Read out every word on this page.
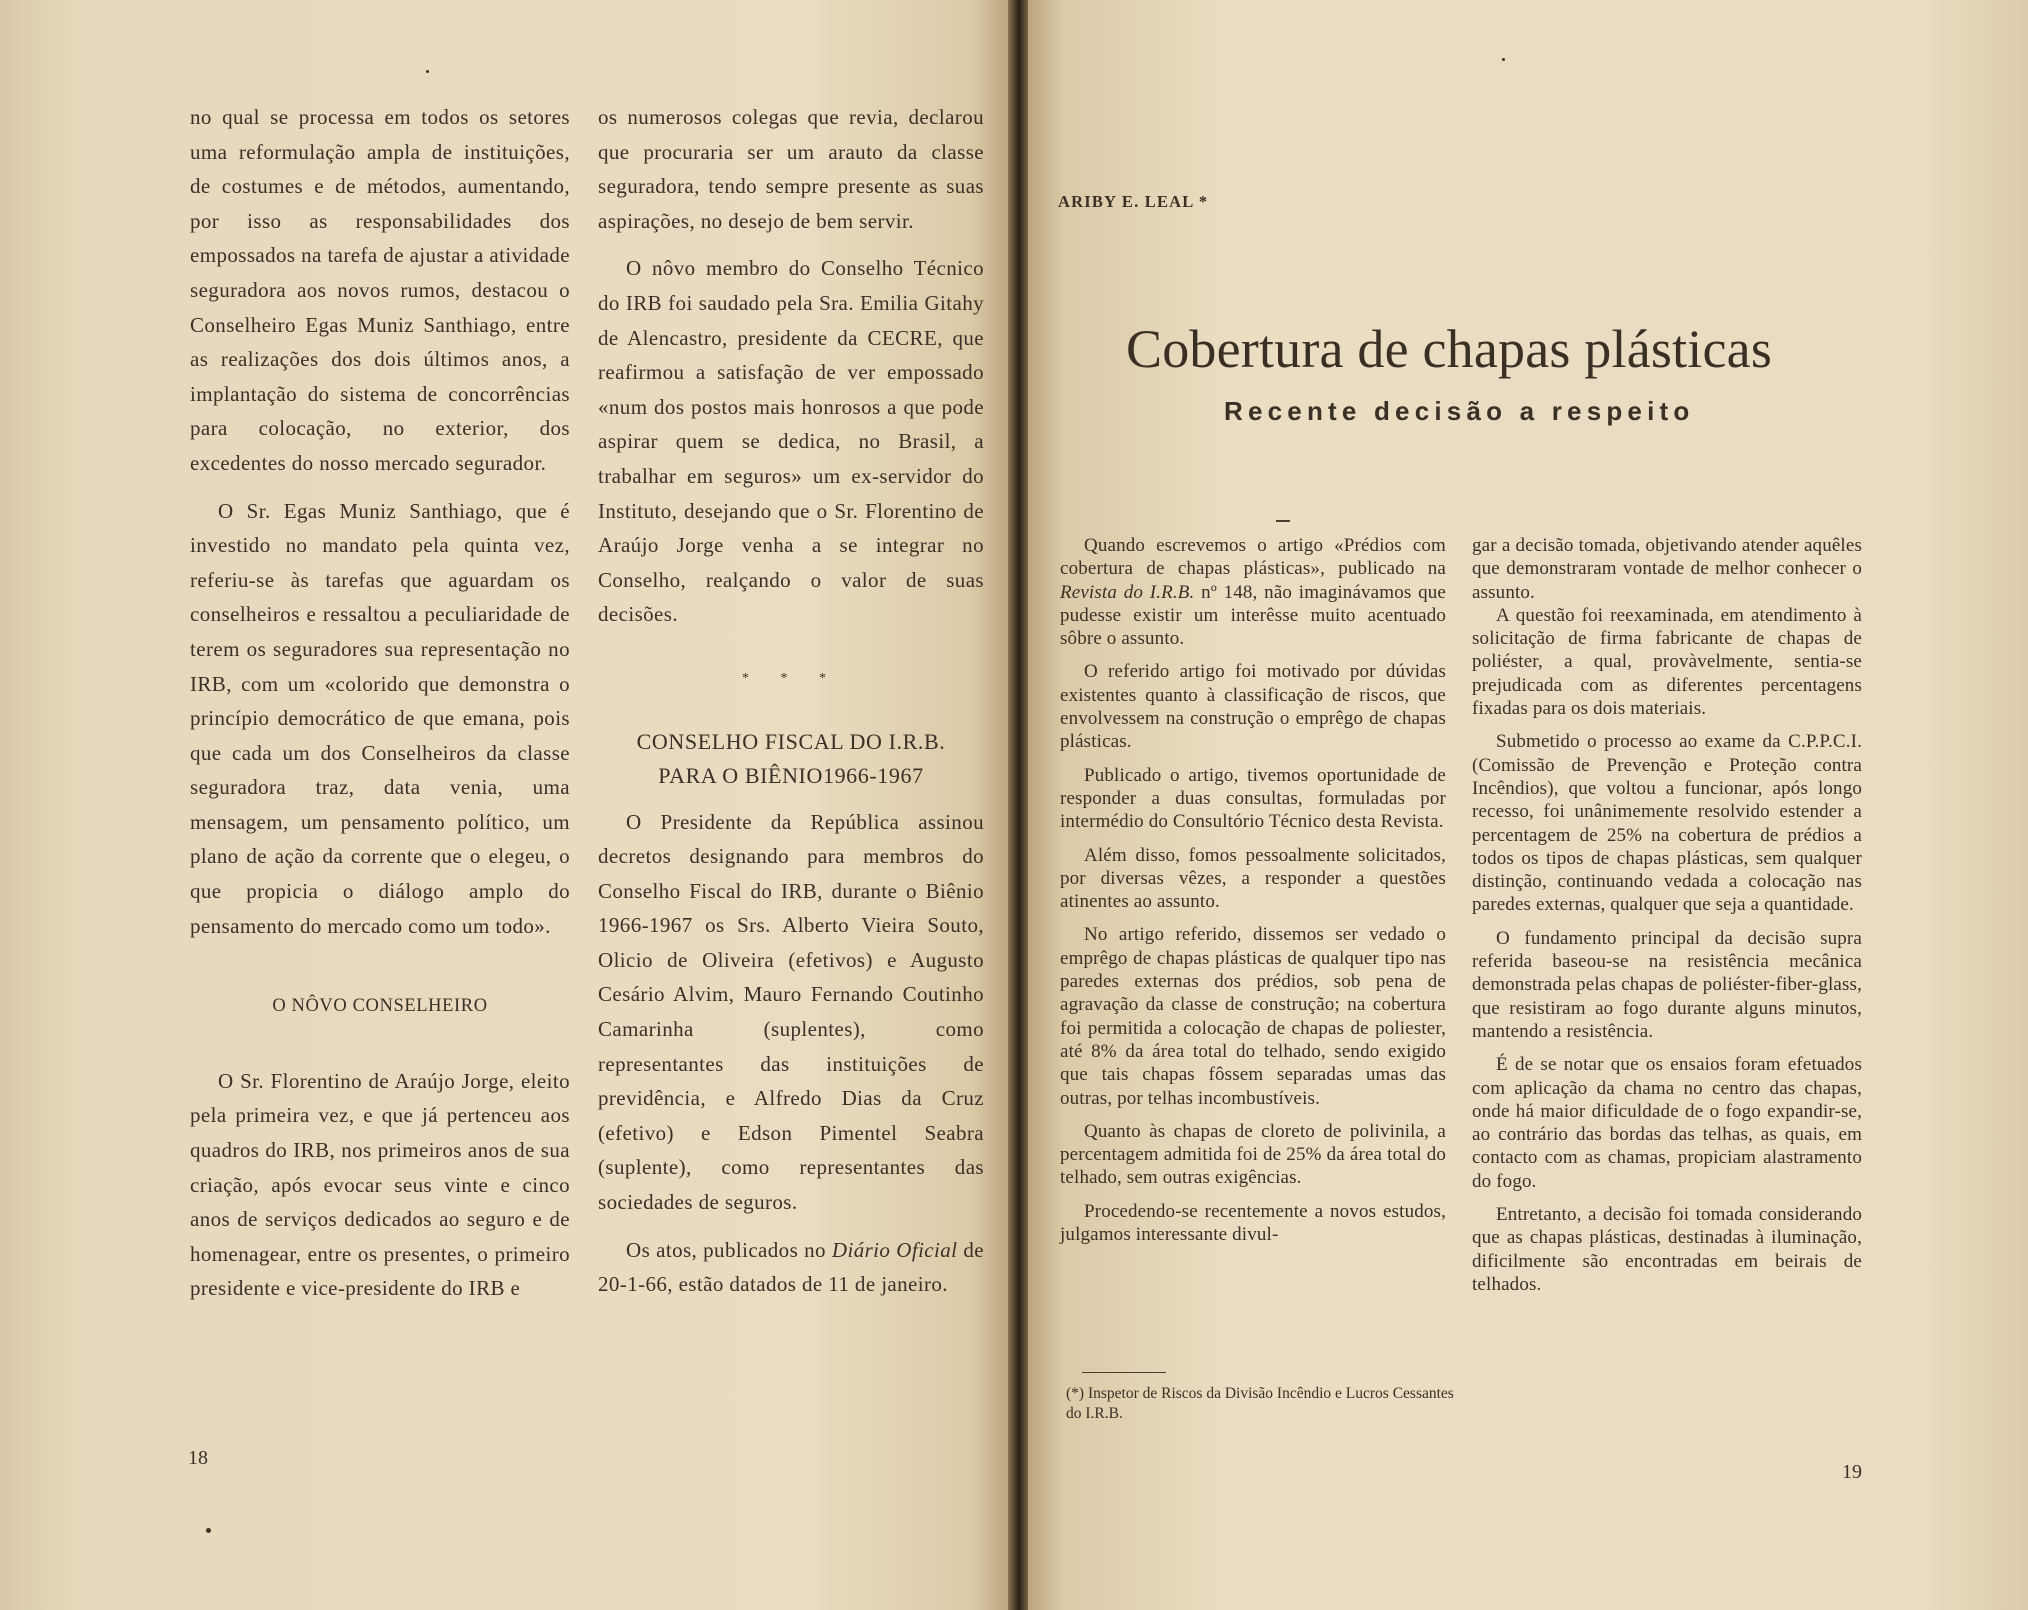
no qual se processa em todos os setores uma reformulação ampla de instituições, de costumes e de métodos, aumentando, por isso as responsabilidades dos empossados na tarefa de ajustar a atividade seguradora aos novos rumos, destacou o Conselheiro Egas Muniz Santhiago, entre as realizações dos dois últimos anos, a implantação do sistema de concorrências para colocação, no exterior, dos excedentes do nosso mercado segurador.

O Sr. Egas Muniz Santhiago, que é investido no mandato pela quinta vez, referiu-se às tarefas que aguardam os conselheiros e ressaltou a peculiaridade de terem os seguradores sua representação no IRB, com um «colorido que demonstra o princípio democrático de que emana, pois que cada um dos Conselheiros da classe seguradora traz, data venia, uma mensagem, um pensamento político, um plano de ação da corrente que o elegeu, o que propicia o diálogo amplo do pensamento do mercado como um todo».

O NÔVO CONSELHEIRO

O Sr. Florentino de Araújo Jorge, eleito pela primeira vez, e que já pertenceu aos quadros do IRB, nos primeiros anos de sua criação, após evocar seus vinte e cinco anos de serviços dedicados ao seguro e de homenagear, entre os presentes, o primeiro presidente e vice-presidente do IRB e

os numerosos colegas que revia, declarou que procuraria ser um arauto da classe seguradora, tendo sempre presente as suas aspirações, no desejo de bem servir.

O nôvo membro do Conselho Técnico do IRB foi saudado pela Sra. Emilia Gitahy de Alencastro, presidente da CECRE, que reafirmou a satisfação de ver empossado «num dos postos mais honrosos a que pode aspirar quem se dedica, no Brasil, a trabalhar em seguros» um ex-servidor do Instituto, desejando que o Sr. Florentino de Araújo Jorge venha a se integrar no Conselho, realçando o valor de suas decisões.

* * *

CONSELHO FISCAL DO I.R.B.
PARA O BIÊNIO1966-1967

O Presidente da República assinou decretos designando para membros do Conselho Fiscal do IRB, durante o Biênio 1966-1967 os Srs. Alberto Vieira Souto, Olicio de Oliveira (efetivos) e Augusto Cesário Alvim, Mauro Fernando Coutinho Camarinha (suplentes), como representantes das instituições de previdência, e Alfredo Dias da Cruz (efetivo) e Edson Pimentel Seabra (suplente), como representantes das sociedades de seguros.

Os atos, publicados no Diário Oficial de 20-1-66, estão datados de 11 de janeiro.

18
ARIBY E. LEAL *
Cobertura de chapas plásticas
Recente decisão a respeito

Quando escrevemos o artigo «Prédios com cobertura de chapas plásticas», publicado na Revista do I.R.B. nº 148, não imaginávamos que pudesse existir um interêsse muito acentuado sôbre o assunto.

O referido artigo foi motivado por dúvidas existentes quanto à classificação de riscos, que envolvessem na construção o emprêgo de chapas plásticas.

Publicado o artigo, tivemos oportunidade de responder a duas consultas, formuladas por intermédio do Consultório Técnico desta Revista.

Além disso, fomos pessoalmente solicitados, por diversas vêzes, a responder a questões atinentes ao assunto.

No artigo referido, dissemos ser vedado o emprêgo de chapas plásticas de qualquer tipo nas paredes externas dos prédios, sob pena de agravação da classe de construção; na cobertura foi permitida a colocação de chapas de poliester, até 8% da área total do telhado, sendo exigido que tais chapas fôssem separadas umas das outras, por telhas incombustíveis.

Quanto às chapas de cloreto de polivinila, a percentagem admitida foi de 25% da área total do telhado, sem outras exigências.

Procedendo-se recentemente a novos estudos, julgamos interessante divul-

(*) Inspetor de Riscos da Divisão Incêndio e Lucros Cessantes do I.R.B.

gar a decisão tomada, objetivando atender aquêles que demonstraram vontade de melhor conhecer o assunto.

A questão foi reexaminada, em atendimento à solicitação de firma fabricante de chapas de poliéster, a qual, provàvelmente, sentia-se prejudicada com as diferentes percentagens fixadas para os dois materiais.

Submetido o processo ao exame da C.P.P.C.I. (Comissão de Prevenção e Proteção contra Incêndios), que voltou a funcionar, após longo recesso, foi unânimemente resolvido estender a percentagem de 25% na cobertura de prédios a todos os tipos de chapas plásticas, sem qualquer distinção, continuando vedada a colocação nas paredes externas, qualquer que seja a quantidade.

O fundamento principal da decisão supra referida baseou-se na resistência mecânica demonstrada pelas chapas de poliéster-fiber-glass, que resistiram ao fogo durante alguns minutos, mantendo a resistência.

É de se notar que os ensaios foram efetuados com aplicação da chama no centro das chapas, onde há maior dificuldade de o fogo expandir-se, ao contrário das bordas das telhas, as quais, em contacto com as chamas, propiciam alastramento do fogo.

Entretanto, a decisão foi tomada considerando que as chapas plásticas, destinadas à iluminação, dificilmente são encontradas em beirais de telhados.

19
